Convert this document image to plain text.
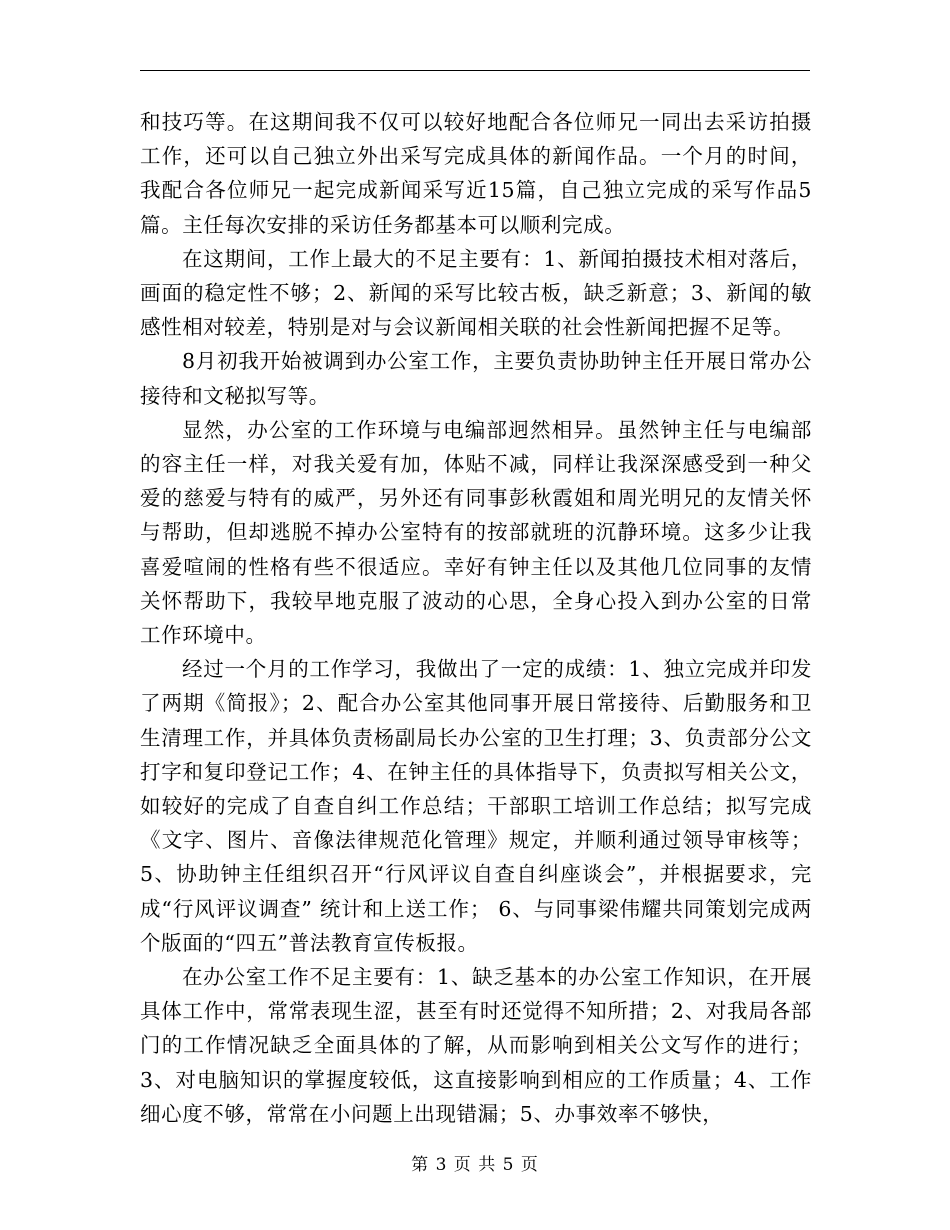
和技巧等。在这期间我不仅可以较好地配合各位师兄一同出去采访拍摄工作，还可以自己独立外出采写完成具体的新闻作品。一个月的时间，我配合各位师兄一起完成新闻采写近15篇，自己独立完成的采写作品5篇。主任每次安排的采访任务都基本可以顺利完成。

在这期间，工作上最大的不足主要有：1、新闻拍摄技术相对落后，画面的稳定性不够；2、新闻的采写比较古板，缺乏新意；3、新闻的敏感性相对较差，特别是对与会议新闻相关联的社会性新闻把握不足等。

8月初我开始被调到办公室工作，主要负责协助钟主任开展日常办公接待和文秘拟写等。

显然，办公室的工作环境与电编部迥然相异。虽然钟主任与电编部的容主任一样，对我关爱有加，体贴不减，同样让我深深感受到一种父爱的慈爱与特有的威严，另外还有同事彭秋霞姐和周光明兄的友情关怀与帮助，但却逃脱不掉办公室特有的按部就班的沉静环境。这多少让我喜爱喧闹的性格有些不很适应。幸好有钟主任以及其他几位同事的友情关怀帮助下，我较早地克服了波动的心思，全身心投入到办公室的日常工作环境中。

经过一个月的工作学习，我做出了一定的成绩：1、独立完成并印发了两期《简报》；2、配合办公室其他同事开展日常接待、后勤服务和卫生清理工作，并具体负责杨副局长办公室的卫生打理；3、负责部分公文打字和复印登记工作；4、在钟主任的具体指导下，负责拟写相关公文，如较好的完成了自查自纠工作总结；干部职工培训工作总结；拟写完成《文字、图片、音像法律规范化管理》规定，并顺利通过领导审核等；5、协助钟主任组织召开“行风评议自查自纠座谈会”，并根据要求，完成“行风评议调查” 统计和上送工作； 6、与同事梁伟耀共同策划完成两个版面的“四五”普法教育宣传板报。

在办公室工作不足主要有：1、缺乏基本的办公室工作知识，在开展具体工作中，常常表现生涩，甚至有时还觉得不知所措；2、对我局各部门的工作情况缺乏全面具体的了解，从而影响到相关公文写作的进行；3、对电脑知识的掌握度较低，这直接影响到相应的工作质量；4、工作细心度不够，常常在小问题上出现错漏；5、办事效率不够快，

第 3 页 共 5 页
